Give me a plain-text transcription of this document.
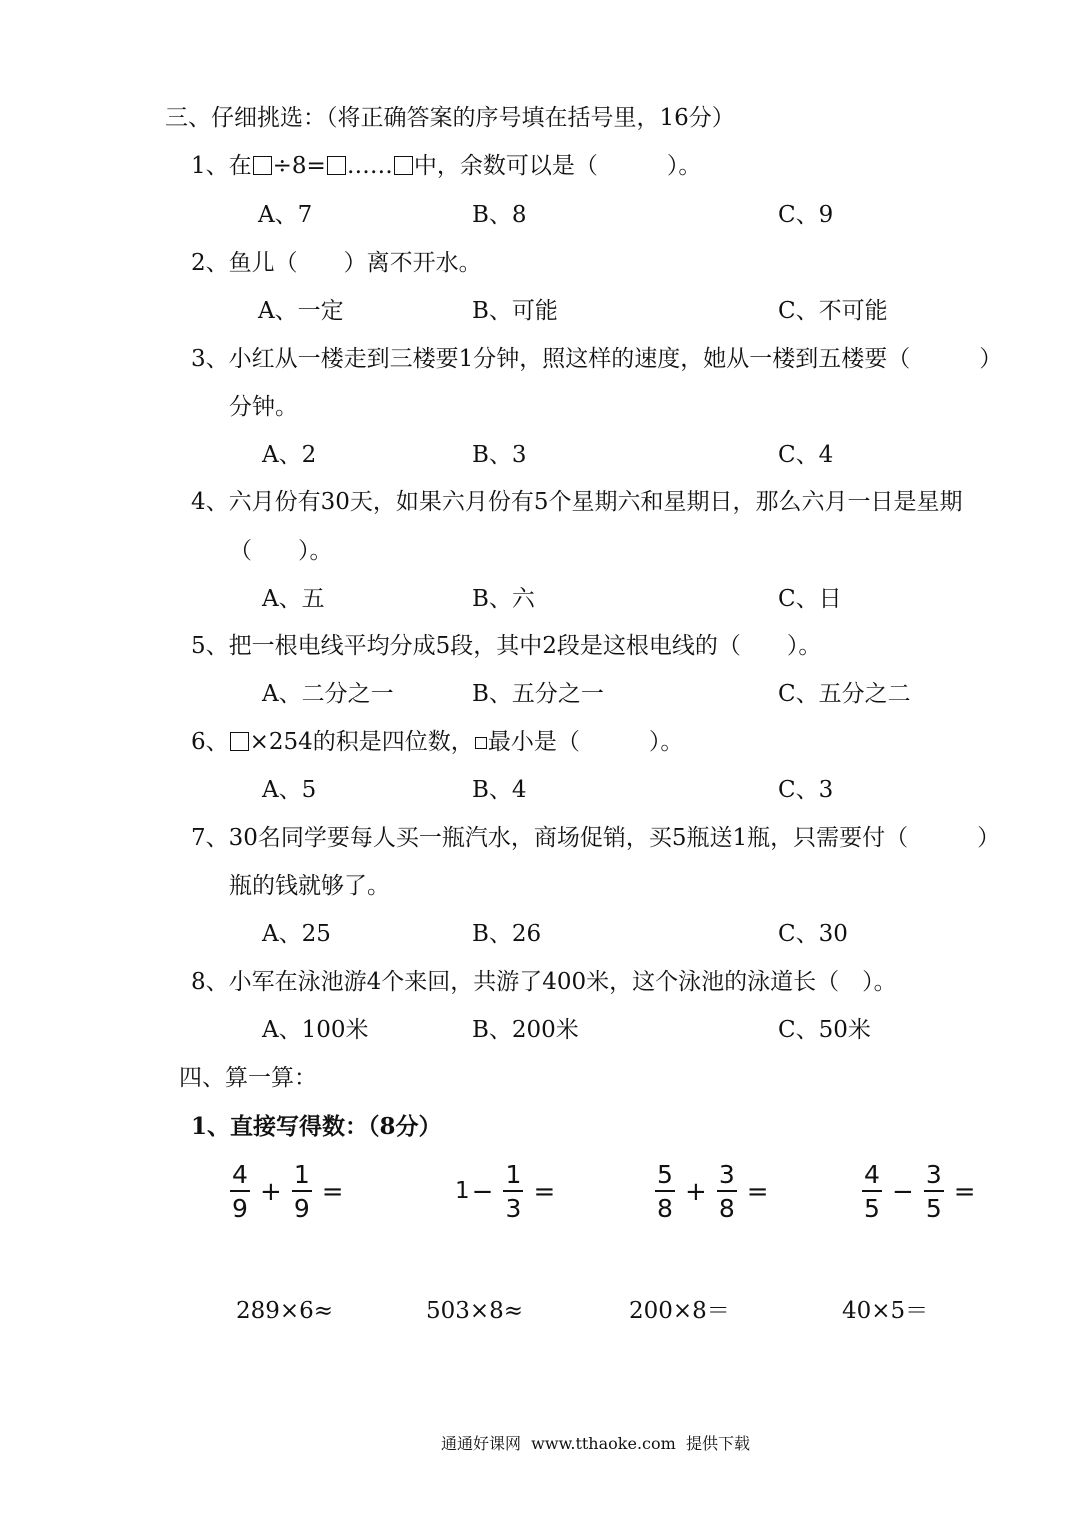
三、仔细挑选：（将正确答案的序号填在括号里，16分）
1、在 ÷8= …… 中，余数可以是（　　　）。
A、7	B、8	C、9
2、鱼儿（　　）离不开水。
A、一定	B、可能	C、不可能
3、小红从一楼走到三楼要1分钟，照这样的速度，她从一楼到五楼要（　　　）
分钟。
A、2	B、3	C、4
4、六月份有30天，如果六月份有5个星期六和星期日，那么六月一日是星期
（　　）。
A、五	B、六	C、日
5、把一根电线平均分成5段，其中2段是这根电线的（　　）。
A、二分之一	B、五分之一	C、五分之二
6、 ×254的积是四位数， 最小是（　　　）。
A、5	B、4	C、3
7、30名同学要每人买一瓶汽水，商场促销，买5瓶送1瓶，只需要付（　　　）
瓶的钱就够了。
A、25	B、26	C、30
8、小军在泳池游4个来回，共游了400米，这个泳池的泳道长（　）。
A、100米	B、200米	C、50米
四、算一算：
1、直接写得数：（8分）
$\frac{4}{9} + \frac{1}{9}$ =	$1 - \frac{1}{3}$ =	$\frac{5}{8} + \frac{3}{8}$ =	$\frac{4}{5} - \frac{3}{5}$ =
289×6≈	503×8≈	200×8＝	40×5＝
通通好课网  www.tthaoke.com  提供下载
